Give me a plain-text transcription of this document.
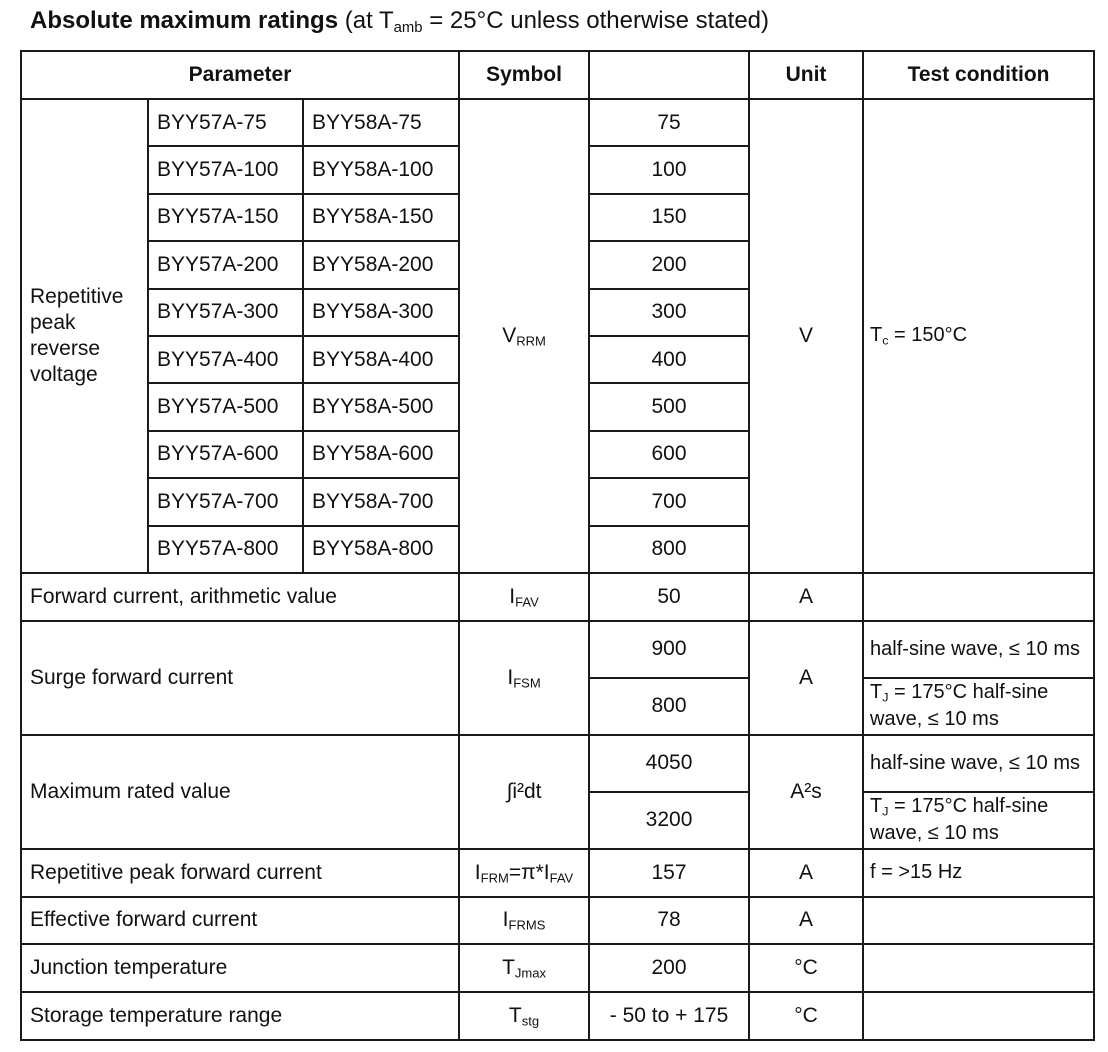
Absolute maximum ratings (at $T_{amb} = 25^\circ C$ unless otherwise stated)
Parameter			Symbol		Unit	Test condition
Repetitive peak reverse voltage	BYY57A-75	BYY58A-75	$V_{RRM}$	75	V	$T_c = 150^\circ C$
	BYY57A-100	BYY58A-100		100		
	BYY57A-150	BYY58A-150		150		
	BYY57A-200	BYY58A-200		200		
	BYY57A-300	BYY58A-300		300		
	BYY57A-400	BYY58A-400		400		
	BYY57A-500	BYY58A-500		500		
	BYY57A-600	BYY58A-600		600		
	BYY57A-700	BYY58A-700		700		
	BYY57A-800	BYY58A-800		800		
Forward current, arithmetic value			$I_{FAV}$	50	A	
Surge forward current			$I_{FSM}$	900	A	half-sine wave, ≤ 10 ms
				800		$T_J = 175^\circ C$ half-sine wave, ≤ 10 ms
Maximum rated value			∫i²dt	4050	A²s	half-sine wave, ≤ 10 ms
				3200		$T_J = 175^\circ C$ half-sine wave, ≤ 10 ms
Repetitive peak forward current			$I_{FRM}=\pi*I_{FAV}$	157	A	f = >15 Hz
Effective forward current			$I_{FRMS}$	78	A	
Junction temperature			$T_{Jmax}$	200	°C	
Storage temperature range			$T_{stg}$	- 50 to + 175	°C	
